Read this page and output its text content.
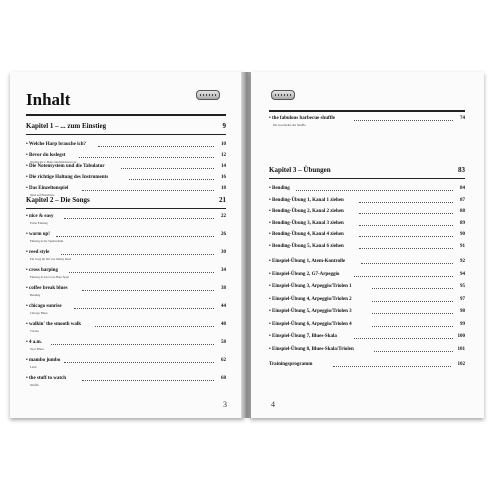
Inhalt
Kapitel 1 – ... zum Einstieg	9
• Welche Harp brauche ich?	10
• Bevor du loslegst	12
Warum die C-Harp empfehlenswert ist
• Die Notensystem und die Tabulatur	14
• Die richtige Haltung des Instruments	16
• Das Einzeltonspiel	18
Spiel auf Einzeltöne
Kapitel 2 – Die Songs	21
• nice & easy	22
Erster Einstieg
• warm up!	26
Einstieg in die Spieltechnik
• reed style	30
Ein Song im Stil von Jimmy Reed
• cross harping	34
Einstieg in das Cross Harp Spiel
• coffee break blues	38
Bending
• chicago sunrise	44
Chicago Blues
• walkin' the smooth walk	48
Triolen
• 4 a.m.	58
Slow Blues
• mambo jumbo	62
Latin
• the stuff to watch	68
Shuffle
3
• the fabulous barbecue shuffle	74
Die Geschichte des Shuffle
Kapitel 3 – Übungen	83
• Bending	84
• Bending-Übung 1, Kanal 1 ziehen	87
• Bending-Übung 2, Kanal 2 ziehen	88
• Bending-Übung 3, Kanal 3 ziehen	89
• Bending-Übung 4, Kanal 4 ziehen	90
• Bending-Übung 5, Kanal 6 ziehen	91
• Einspiel-Übung 1, Atem-Kontrolle	92
• Einspiel-Übung 2, G7-Arpeggio	94
• Einspiel-Übung 3, Arpeggio/Triolen 1	95
• Einspiel-Übung 4, Arpeggio/Triolen 2	97
• Einspiel-Übung 5, Arpeggio/Triolen 3	98
• Einspiel-Übung 6, Arpeggio/Triolen 4	99
• Einspiel-Übung 7, Blues-Skala	100
• Einspiel-Übung 8, Blues-Skala/Triolen	101
Trainingsprogramm	102
4
